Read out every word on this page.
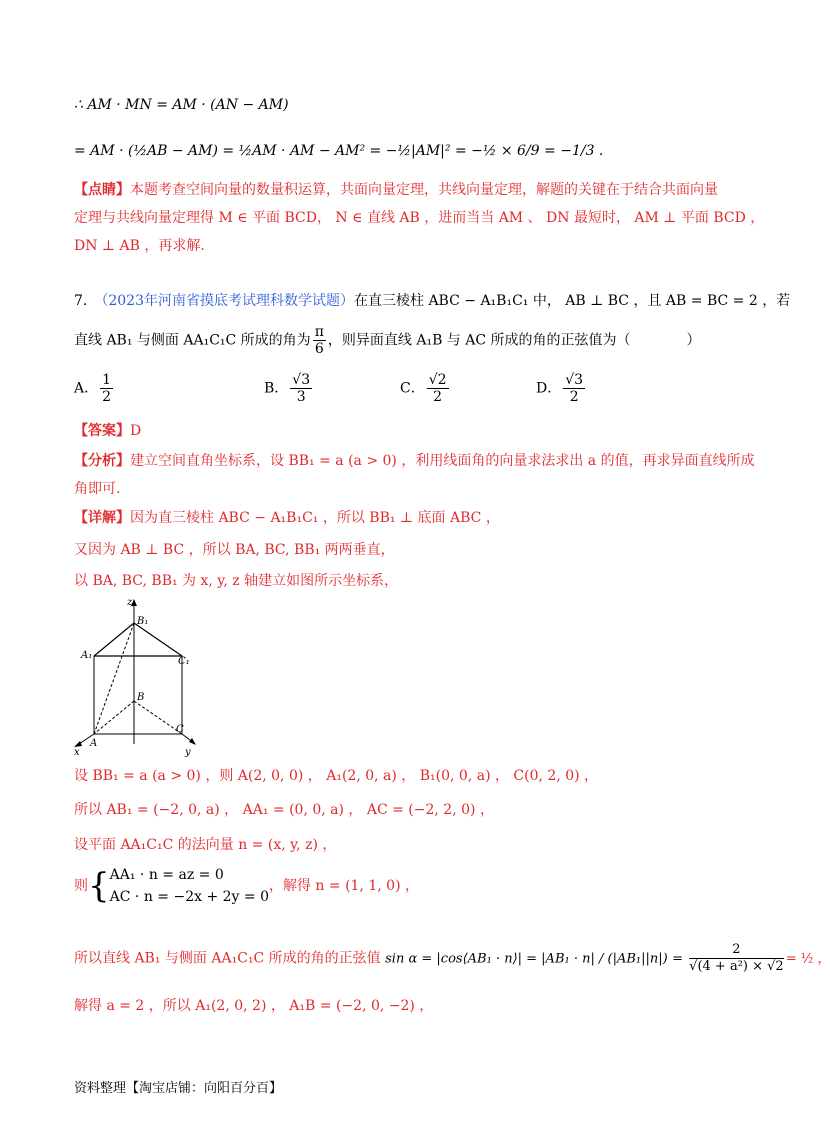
∴ AM · MN = AM · (AN − AM)
= AM · (½AB − AM) = ½AM · AM − AM² = −½|AM|² = −½ × 6/9 = −1/3 .
【点睛】本题考查空间向量的数量积运算，共面向量定理，共线向量定理，解题的关键在于结合共面向量
定理与共线向量定理得 M ∈ 平面 BCD， N ∈ 直线 AB ，进而当当 AM 、 DN 最短时， AM ⊥ 平面 BCD ，
DN ⊥ AB ，再求解.
7.　 （2023年河南省摸底考试理科数学试题）在直三棱柱 ABC − A₁B₁C₁ 中， AB ⊥ BC ，且 AB = BC = 2 ，若
直线 AB₁ 与侧面 AA₁C₁C 所成的角为 $\frac{\pi}{6}$ ，则异面直线 A₁B 与 AC 所成的角的正弦值为（　　　　）
A． $\frac{1}{2}$	B． $\frac{√3}{3}$	C． $\frac{√2}{2}$	D． $\frac{√3}{2}$
【答案】D
【分析】建立空间直角坐标系，设 BB₁ = a (a > 0) ，利用线面角的向量求法求出 a 的值，再求异面直线所成
角即可.
【详解】因为直三棱柱 ABC − A₁B₁C₁ ，所以 BB₁ ⊥ 底面 ABC ，
又因为 AB ⊥ BC ，所以 BA, BC, BB₁ 两两垂直，
以 BA, BC, BB₁ 为 x, y, z 轴建立如图所示坐标系，
z
B₁
A₁
C₁
B
A
C
x	y
设 BB₁ = a (a > 0) ，则 A(2, 0, 0) ， A₁(2, 0, a) ， B₁(0, 0, a) ， C(0, 2, 0) ，
所以 AB₁ = (−2, 0, a) ， AA₁ = (0, 0, a) ， AC = (−2, 2, 0) ，
设平面 AA₁C₁C 的法向量 n = (x, y, z) ，
则{ AA₁ · n = az = 0
AC · n = −2x + 2y = 0
，解得 n = (1, 1, 0) ，
所以直线 AB₁ 与侧面 AA₁C₁C 所成的角的正弦值 sin α = |cos⟨AB₁ · n⟩| = $|AB_1 \cdot n| / (|AB_1||n|) = \frac{2}{\text{√(4 + a²) × √2}}$ = ½ ，
解得 a = 2 ，所以 A₁(2, 0, 2) ， A₁B = (−2, 0, −2) ，
资料整理【淘宝店铺：向阳百分百】
